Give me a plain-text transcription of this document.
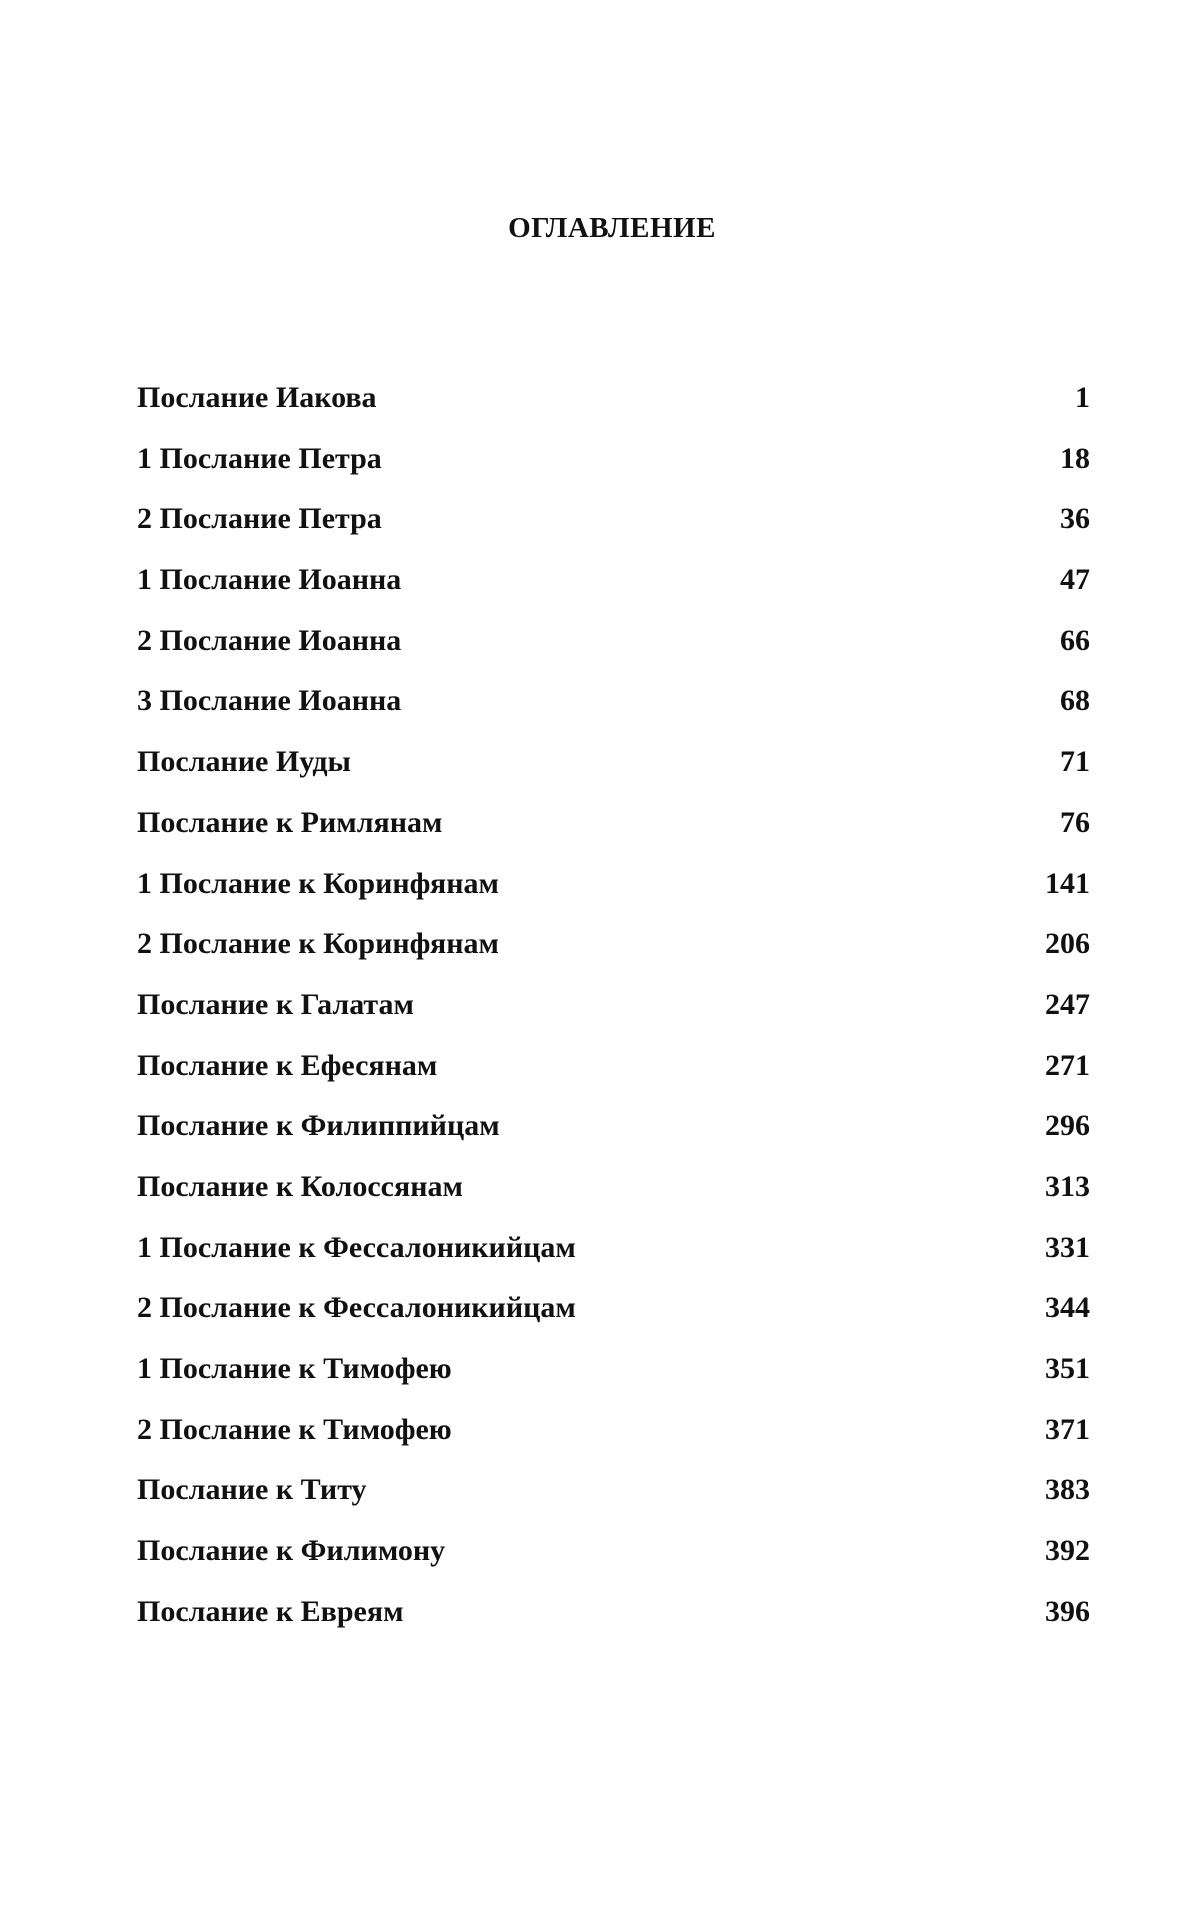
ОГЛАВЛЕНИЕ
Послание Иакова	1
1 Послание Петра	18
2 Послание Петра	36
1 Послание Иоанна	47
2 Послание Иоанна	66
3 Послание Иоанна	68
Послание Иуды	71
Послание к Римлянам	76
1 Послание к Коринфянам	141
2 Послание к Коринфянам	206
Послание к Галатам	247
Послание к Ефесянам	271
Послание к Филиппийцам	296
Послание к Колоссянам	313
1 Послание к Фессалоникийцам	331
2 Послание к Фессалоникийцам	344
1 Послание к Тимофею	351
2 Послание к Тимофею	371
Послание к Титу	383
Послание к Филимону	392
Послание к Евреям	396
